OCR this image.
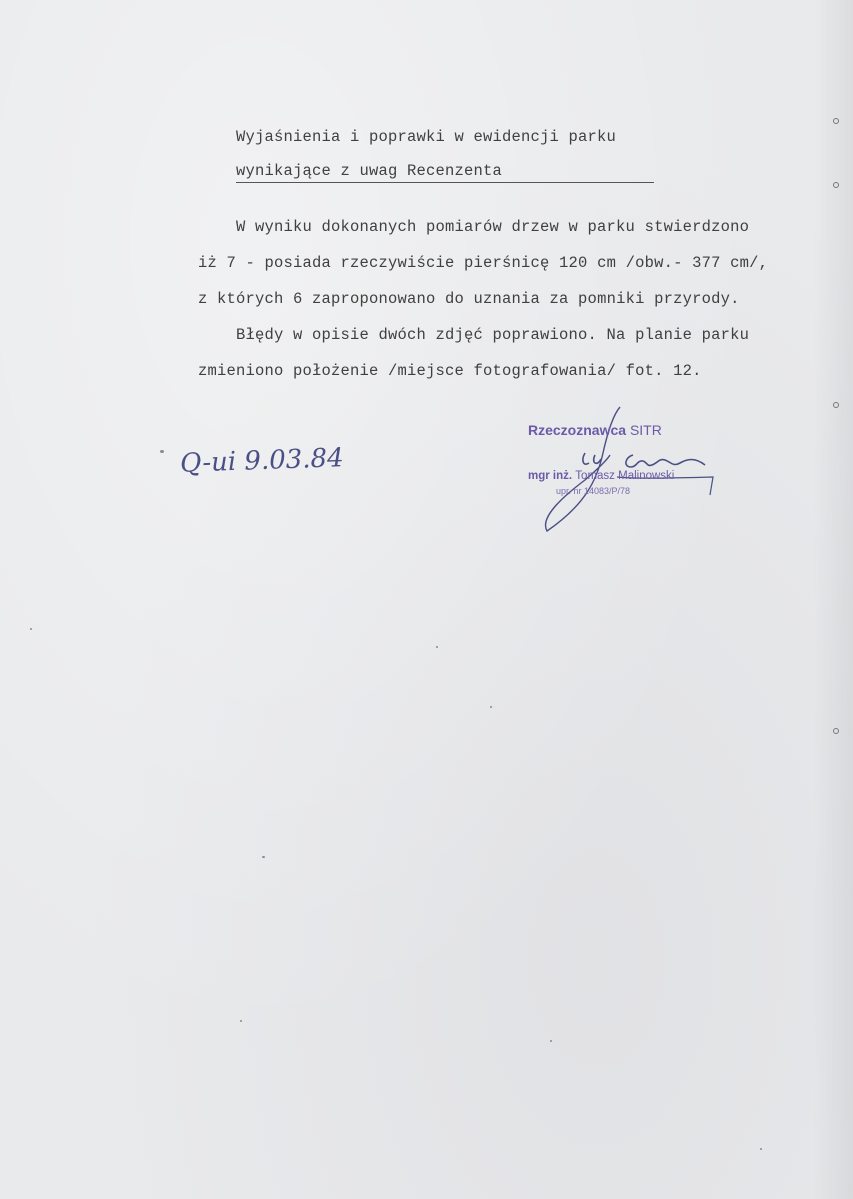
Wyjaśnienia i poprawki w ewidencji parku
wynikające z uwag Recenzenta
W wyniku dokonanych pomiarów drzew w parku stwierdzono
iż 7 - posiada rzeczywiście pierśnicę 120 cm /obw.- 377 cm/,
z których 6 zaproponowano do uznania za pomniki przyrody.
Błędy w opisie dwóch zdjęć poprawiono. Na planie parku
zmieniono położenie /miejsce fotografowania/ fot. 12.
Q-ui 9.03.84
Rzeczoznawca SITR
mgr inż. Tomasz Malinowski
upr. nr 14083/P/78
